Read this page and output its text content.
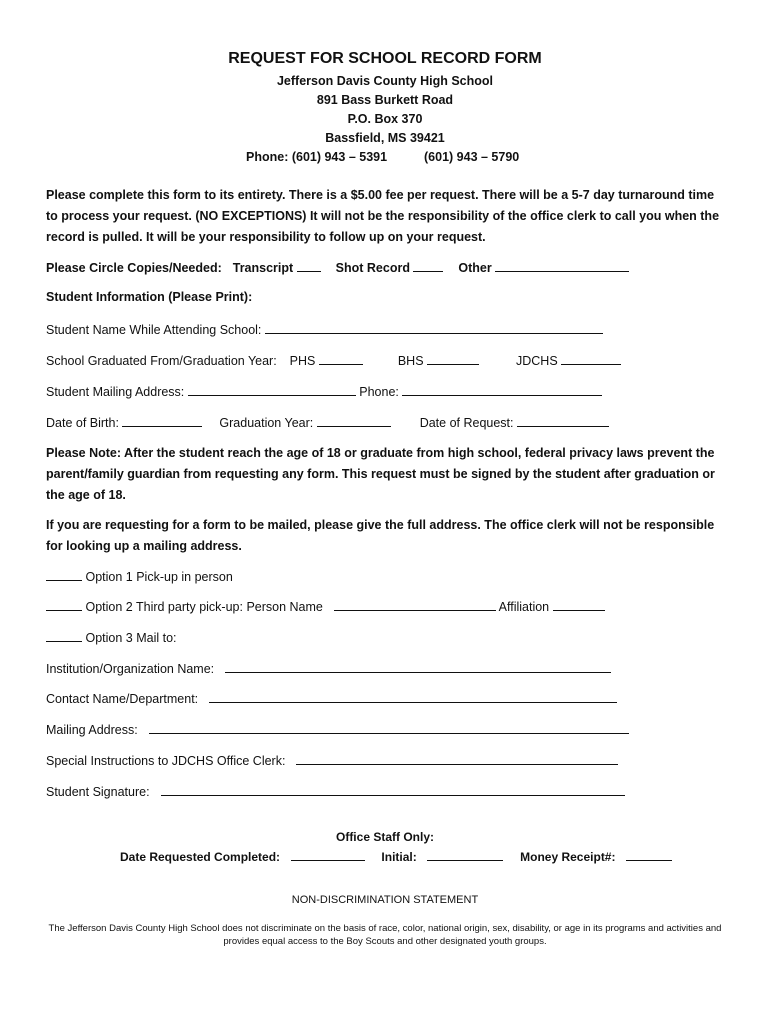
REQUEST FOR SCHOOL RECORD FORM
Jefferson Davis County High School
891 Bass Burkett Road
P.O. Box 370
Bassfield, MS 39421
Phone: (601) 943 – 5391	(601) 943 – 5790
Please complete this form to its entirety. There is a $5.00 fee per request. There will be a 5-7 day turnaround time to process your request. (NO EXCEPTIONS) It will not be the responsibility of the office clerk to call you when the record is pulled. It will be your responsibility to follow up on your request.
Please Circle Copies/Needed: Transcript	Shot Record	Other
Student Information (Please Print):
Student Name While Attending School:
School Graduated From/Graduation Year: PHS	BHS	JDCHS
Student Mailing Address:	Phone:
Date of Birth:	Graduation Year:	Date of Request:
Please Note: After the student reach the age of 18 or graduate from high school, federal privacy laws prevent the parent/family guardian from requesting any form. This request must be signed by the student after graduation or the age of 18.
If you are requesting for a form to be mailed, please give the full address. The office clerk will not be responsible for looking up a mailing address.
Option 1 Pick-up in person
Option 2 Third party pick-up: Person Name	Affiliation
Option 3 Mail to:
Institution/Organization Name:
Contact Name/Department:
Mailing Address:
Special Instructions to JDCHS Office Clerk:
Student Signature:
Office Staff Only:
Date Requested Completed:	Initial:	Money Receipt#:
NON-DISCRIMINATION STATEMENT
The Jefferson Davis County High School does not discriminate on the basis of race, color, national origin, sex, disability, or age in its programs and activities and provides equal access to the Boy Scouts and other designated youth groups.
